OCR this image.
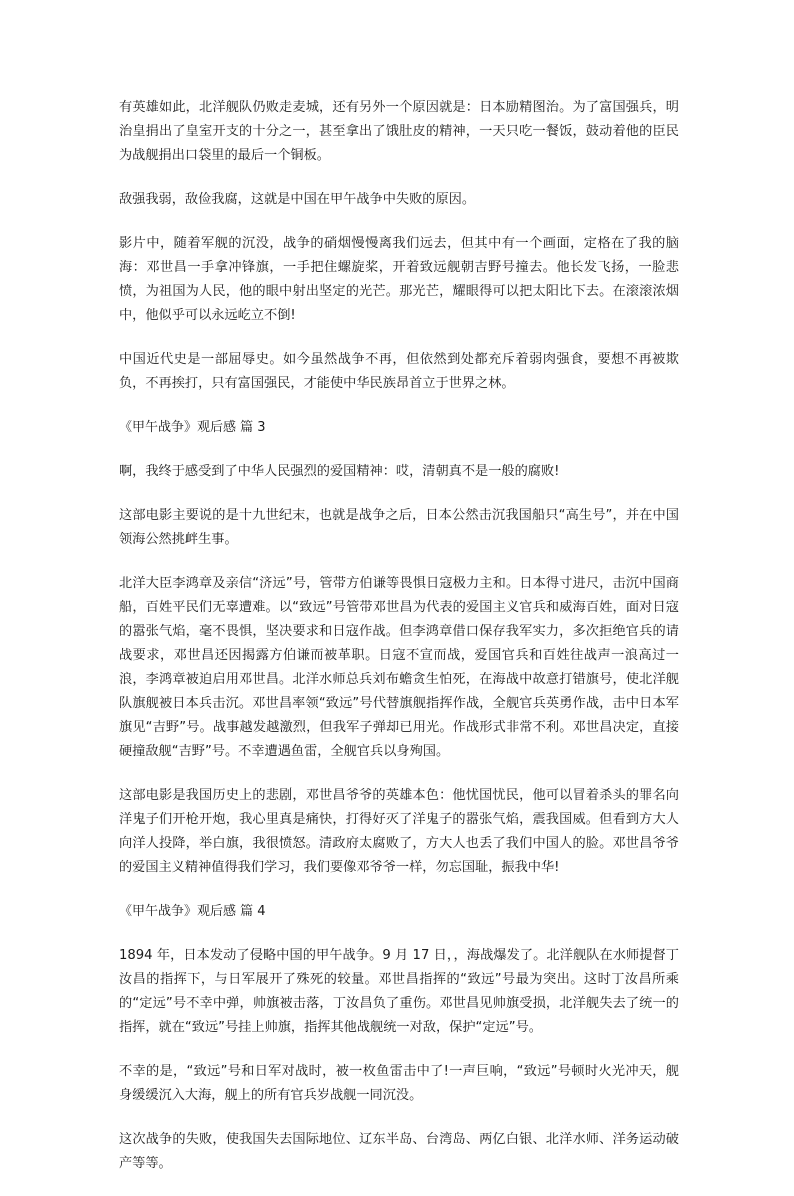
有英雄如此，北洋舰队仍败走麦城，还有另外一个原因就是：日本励精图治。为了富国强兵，明治皇捐出了皇室开支的十分之一，甚至拿出了饿肚皮的精神，一天只吃一餐饭，鼓动着他的臣民为战舰捐出口袋里的最后一个铜板。

敌强我弱，敌俭我腐，这就是中国在甲午战争中失败的原因。

影片中，随着军舰的沉没，战争的硝烟慢慢离我们远去，但其中有一个画面，定格在了我的脑海：邓世昌一手拿冲锋旗，一手把住螺旋桨，开着致远舰朝吉野号撞去。他长发飞扬，一脸悲愤，为祖国为人民，他的眼中射出坚定的光芒。那光芒，耀眼得可以把太阳比下去。在滚滚浓烟中，他似乎可以永远屹立不倒!

中国近代史是一部屈辱史。如今虽然战争不再，但依然到处都充斥着弱肉强食，要想不再被欺负，不再挨打，只有富国强民，才能使中华民族昂首立于世界之林。

《甲午战争》观后感 篇 3

啊，我终于感受到了中华人民强烈的爱国精神：哎，清朝真不是一般的腐败!

这部电影主要说的是十九世纪末，也就是战争之后，日本公然击沉我国船只“高生号”，并在中国领海公然挑衅生事。

北洋大臣李鸿章及亲信“济远”号，管带方伯谦等畏惧日寇极力主和。日本得寸进尺，击沉中国商船，百姓平民们无辜遭难。以“致远”号管带邓世昌为代表的爱国主义官兵和威海百姓，面对日寇的嚣张气焰，毫不畏惧，坚决要求和日寇作战。但李鸿章借口保存我军实力，多次拒绝官兵的请战要求，邓世昌还因揭露方伯谦而被革职。日寇不宣而战，爱国官兵和百姓往战声一浪高过一浪，李鸿章被迫启用邓世昌。北洋水师总兵刘布蟾贪生怕死，在海战中故意打错旗号，使北洋舰队旗舰被日本兵击沉。邓世昌率领“致远”号代替旗舰指挥作战，全舰官兵英勇作战，击中日本军旗见“吉野”号。战事越发越激烈，但我军子弹却已用光。作战形式非常不利。邓世昌决定，直接硬撞敌舰“吉野”号。不幸遭遇鱼雷，全舰官兵以身殉国。

这部电影是我国历史上的悲剧，邓世昌爷爷的英雄本色：他忧国忧民，他可以冒着杀头的罪名向洋鬼子们开枪开炮，我心里真是痛快，打得好灭了洋鬼子的嚣张气焰，震我国威。但看到方大人向洋人投降，举白旗，我很愤怒。清政府太腐败了，方大人也丢了我们中国人的脸。邓世昌爷爷的爱国主义精神值得我们学习，我们要像邓爷爷一样，勿忘国耻，振我中华!

《甲午战争》观后感 篇 4

1894 年，日本发动了侵略中国的甲午战争。9 月 17 日，，海战爆发了。北洋舰队在水师提督丁汝昌的指挥下，与日军展开了殊死的较量。邓世昌指挥的“致远”号最为突出。这时丁汝昌所乘的“定远”号不幸中弹，帅旗被击落，丁汝昌负了重伤。邓世昌见帅旗受损，北洋舰失去了统一的指挥，就在“致远”号挂上帅旗，指挥其他战舰统一对敌，保护“定远”号。

不幸的是，“致远”号和日军对战时，被一枚鱼雷击中了!一声巨响，“致远”号顿时火光冲天，舰身缓缓沉入大海，舰上的所有官兵岁战舰一同沉没。

这次战争的失败，使我国失去国际地位、辽东半岛、台湾岛、两亿白银、北洋水师、洋务运动破产等等。
